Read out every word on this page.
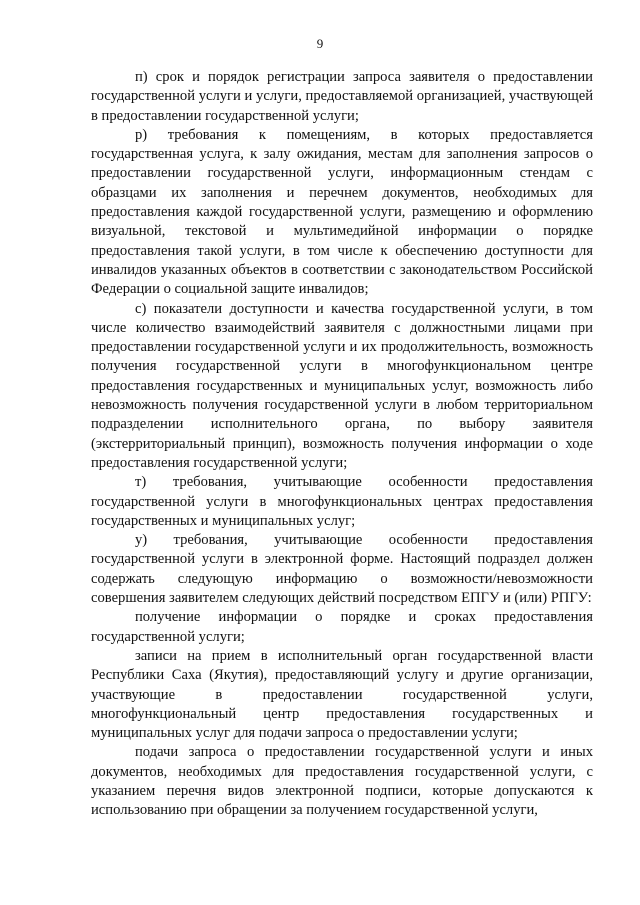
9

п) срок и порядок регистрации запроса заявителя о предоставлении государственной услуги и услуги, предоставляемой организацией, участвующей в предоставлении государственной услуги;

р) требования к помещениям, в которых предоставляется государственная услуга, к залу ожидания, местам для заполнения запросов о предоставлении государственной услуги, информационным стендам с образцами их заполнения и перечнем документов, необходимых для предоставления каждой государственной услуги, размещению и оформлению визуальной, текстовой и мультимедийной информации о порядке предоставления такой услуги, в том числе к обеспечению доступности для инвалидов указанных объектов в соответствии с законодательством Российской Федерации о социальной защите инвалидов;

с) показатели доступности и качества государственной услуги, в том числе количество взаимодействий заявителя с должностными лицами при предоставлении государственной услуги и их продолжительность, возможность получения государственной услуги в многофункциональном центре предоставления государственных и муниципальных услуг, возможность либо невозможность получения государственной услуги в любом территориальном подразделении исполнительного органа, по выбору заявителя (экстерриториальный принцип), возможность получения информации о ходе предоставления государственной услуги;

т) требования, учитывающие особенности предоставления государственной услуги в многофункциональных центрах предоставления государственных и муниципальных услуг;

у) требования, учитывающие особенности предоставления государственной услуги в электронной форме. Настоящий подраздел должен содержать следующую информацию о возможности/невозможности совершения заявителем следующих действий посредством ЕПГУ и (или) РПГУ:

получение информации о порядке и сроках предоставления государственной услуги;

записи на прием в исполнительный орган государственной власти Республики Саха (Якутия), предоставляющий услугу и другие организации, участвующие в предоставлении государственной услуги, многофункциональный центр предоставления государственных и муниципальных услуг для подачи запроса о предоставлении услуги;

подачи запроса о предоставлении государственной услуги и иных документов, необходимых для предоставления государственной услуги, с указанием перечня видов электронной подписи, которые допускаются к использованию при обращении за получением государственной услуги,
